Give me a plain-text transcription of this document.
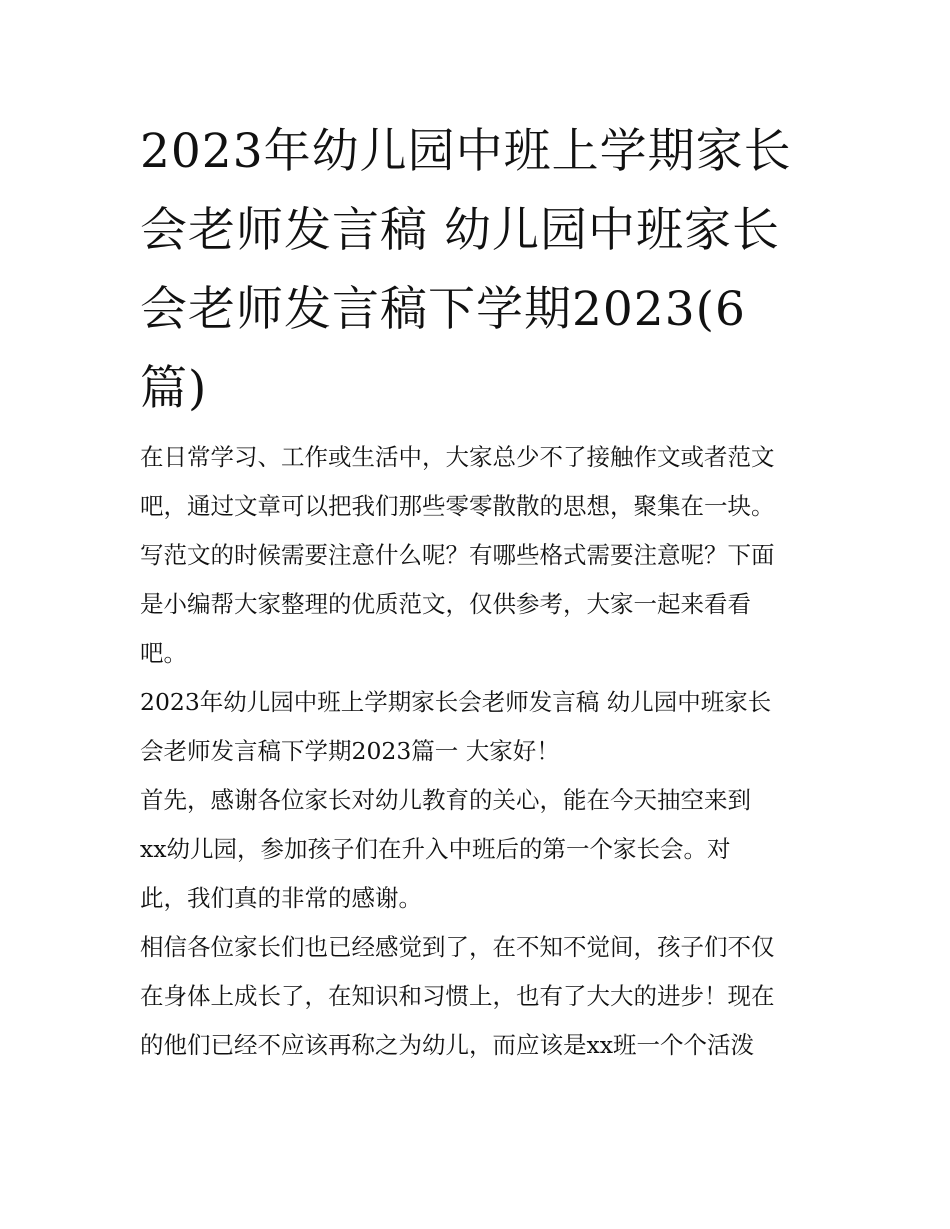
2023年幼儿园中班上学期家长会老师发言稿 幼儿园中班家长会老师发言稿下学期2023(6篇)
在日常学习、工作或生活中，大家总少不了接触作文或者范文
吧，通过文章可以把我们那些零零散散的思想，聚集在一块。
写范文的时候需要注意什么呢？有哪些格式需要注意呢？下面
是小编帮大家整理的优质范文，仅供参考，大家一起来看看
吧。
2023年幼儿园中班上学期家长会老师发言稿 幼儿园中班家长
会老师发言稿下学期2023篇一 大家好！
首先，感谢各位家长对幼儿教育的关心，能在今天抽空来到
xx幼儿园，参加孩子们在升入中班后的第一个家长会。对
此，我们真的非常的感谢。
相信各位家长们也已经感觉到了，在不知不觉间，孩子们不仅
在身体上成长了，在知识和习惯上，也有了大大的进步！现在
的他们已经不应该再称之为幼儿，而应该是xx班一个个活泼
